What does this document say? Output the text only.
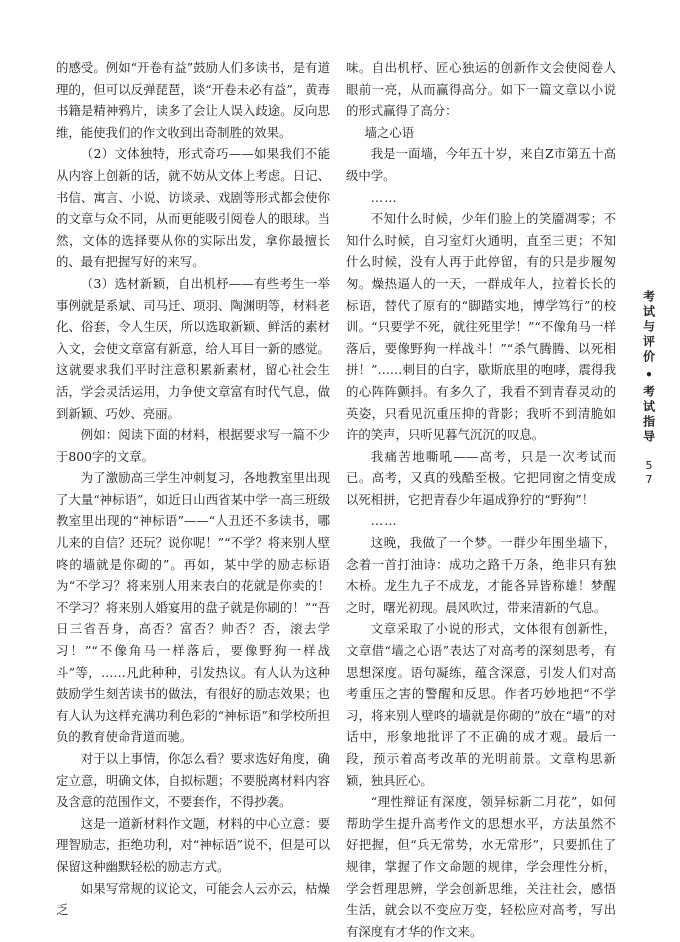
的感受。例如“开卷有益”鼓励人们多读书，是有道理的，但可以反弹琵琶，谈“开卷未必有益”，黄毒书籍是精神鸦片，读多了会让人误入歧途。反向思维，能使我们的作文收到出奇制胜的效果。

（2）文体独特，形式奇巧——如果我们不能从内容上创新的话，就不妨从文体上考虑。日记、书信、寓言、小说、访谈录、戏剧等形式都会使你的文章与众不同，从而更能吸引阅卷人的眼球。当然，文体的选择要从你的实际出发，拿你最擅长的、最有把握写好的来写。

（3）选材新颖，自出机杼——有些考生一举事例就是系斌、司马迁、项羽、陶渊明等，材料老化、俗套，令人生厌，所以选取新颖、鲜活的素材入文，会使文章富有新意，给人耳目一新的感觉。这就要求我们平时注意积累新素材，留心社会生活，学会灵活运用，力争使文章富有时代气息，做到新颖、巧妙、亮丽。

例如：阅读下面的材料，根据要求写一篇不少于800字的文章。

为了激励高三学生冲刺复习，各地教室里出现了大量“神标语”，如近日山西省某中学一高三班级教室里出现的“神标语”——“人丑还不多读书，哪儿来的自信？还玩？说你呢！”“不学？将来别人壁咚的墙就是你砌的”。再如，某中学的励志标语为“不学习？将来别人用来表白的花就是你卖的！不学习？将来别人婚宴用的盘子就是你刷的！”“吾日三省吾身，高否？富否？帅否？否，滚去学习！”“不像角马一样落后，要像野狗一样战斗”等，……凡此种种，引发热议。有人认为这种鼓励学生刻苦读书的做法，有很好的励志效果；也有人认为这样充满功利色彩的“神标语”和学校所担负的教育使命背道而驰。

对于以上事情，你怎么看？要求选好角度，确定立意，明确文体，自拟标题；不要脱离材料内容及含意的范围作文，不要套作，不得抄袭。

这是一道新材料作文题，材料的中心立意：要理智励志，拒绝功利，对“神标语”说不，但是可以保留这种幽默轻松的励志方式。

如果写常规的议论文，可能会人云亦云，枯燥乏

味。自出机杼、匠心独运的创新作文会使阅卷人眼前一亮，从而赢得高分。如下一篇文章以小说的形式赢得了高分：

墙之心语

我是一面墙，今年五十岁，来自Z市第五十高级中学。

……

不知什么时候，少年们脸上的笑靥凋零；不知什么时候，自习室灯火通明，直至三更；不知什么时候，没有人再于此停留，有的只是步履匆匆。燥热逼人的一天，一群成年人，拉着长长的标语，替代了原有的“脚踏实地，博学笃行”的校训。“只要学不死，就往死里学！”“不像角马一样落后，要像野狗一样战斗！”“杀气腾腾、以死相拼！”……刺目的白字，歇斯底里的咆哮，震得我的心阵阵颤抖。有多久了，我看不到青春灵动的英姿，只看见沉重压抑的背影；我听不到清脆如许的笑声，只听见暮气沉沉的叹息。

我痛苦地嘶吼——高考，只是一次考试而已。高考，又真的残酷至极。它把同窗之情变成以死相拼，它把青春少年逼成狰狞的“野狗”！

……

这晚，我做了一个梦。一群少年围坐墙下，念着一首打油诗：成功之路千万条，绝非只有独木桥。龙生九子不成龙，才能各异皆称雄！梦醒之时，曙光初现。晨风吹过，带来清新的气息。

文章采取了小说的形式，文体很有创新性，文章借“墙之心语”表达了对高考的深刻思考，有思想深度。语句凝练，蕴含深意，引发人们对高考重压之害的警醒和反思。作者巧妙地把“不学习，将来别人壁咚的墙就是你砌的”放在“墙”的对话中，形象地批评了不正确的成才观。最后一段，预示着高考改革的光明前景。文章构思新颖，独具匠心。

“理性辩证有深度，领异标新二月花”，如何帮助学生提升高考作文的思想水平，方法虽然不好把握，但“兵无常势，水无常形”，只要抓住了规律，掌握了作文命题的规律，学会理性分析，学会哲理思辨，学会创新思维，关注社会，感悟生活，就会以不变应万变，轻松应对高考，写出有深度有才华的作文来。

考试与评价
•
考试指导
57
